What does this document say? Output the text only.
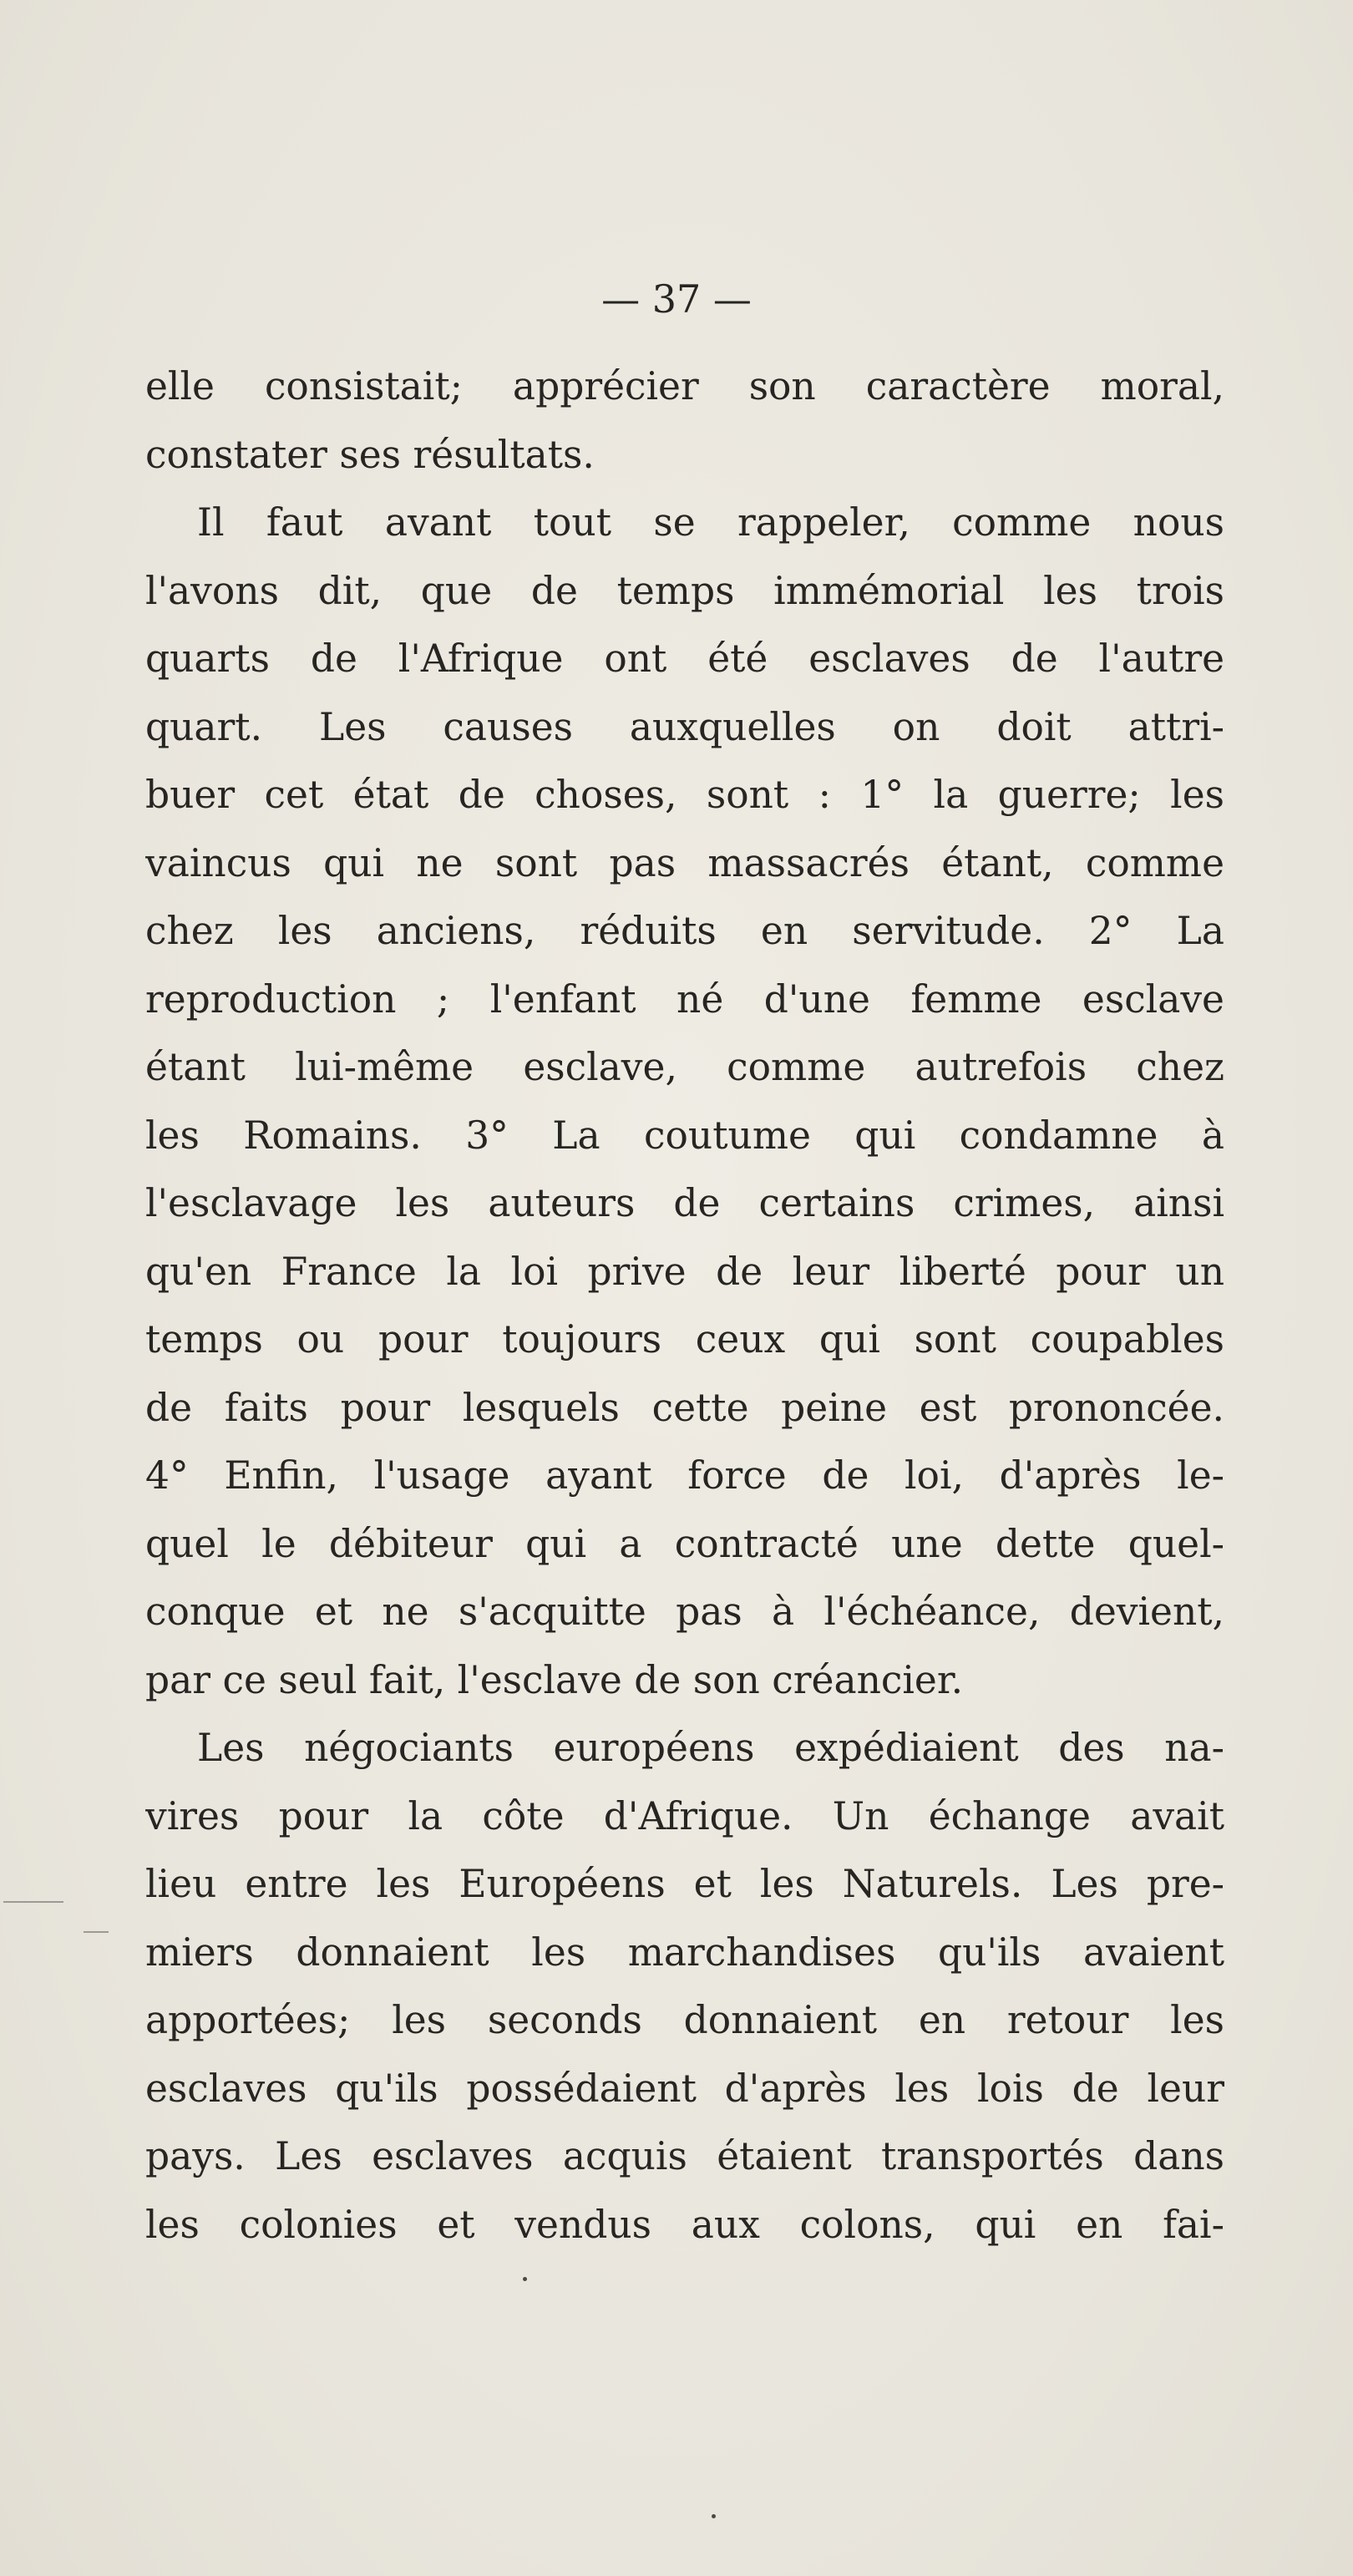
— 37 —
elle consistait; apprécier son caractère moral,
constater ses résultats.
Il faut avant tout se rappeler, comme nous
l'avons dit, que de temps immémorial les trois
quarts de l'Afrique ont été esclaves de l'autre
quart. Les causes auxquelles on doit attri-
buer cet état de choses, sont : 1° la guerre; les
vaincus qui ne sont pas massacrés étant, comme
chez les anciens, réduits en servitude. 2° La
reproduction ; l'enfant né d'une femme esclave
étant lui-même esclave, comme autrefois chez
les Romains. 3° La coutume qui condamne à
l'esclavage les auteurs de certains crimes, ainsi
qu'en France la loi prive de leur liberté pour un
temps ou pour toujours ceux qui sont coupables
de faits pour lesquels cette peine est prononcée.
4° Enfin, l'usage ayant force de loi, d'après le-
quel le débiteur qui a contracté une dette quel-
conque et ne s'acquitte pas à l'échéance, devient,
par ce seul fait, l'esclave de son créancier.
Les négociants européens expédiaient des na-
vires pour la côte d'Afrique. Un échange avait
lieu entre les Européens et les Naturels. Les pre-
miers donnaient les marchandises qu'ils avaient
apportées; les seconds donnaient en retour les
esclaves qu'ils possédaient d'après les lois de leur
pays. Les esclaves acquis étaient transportés dans
les colonies et vendus aux colons, qui en fai-
